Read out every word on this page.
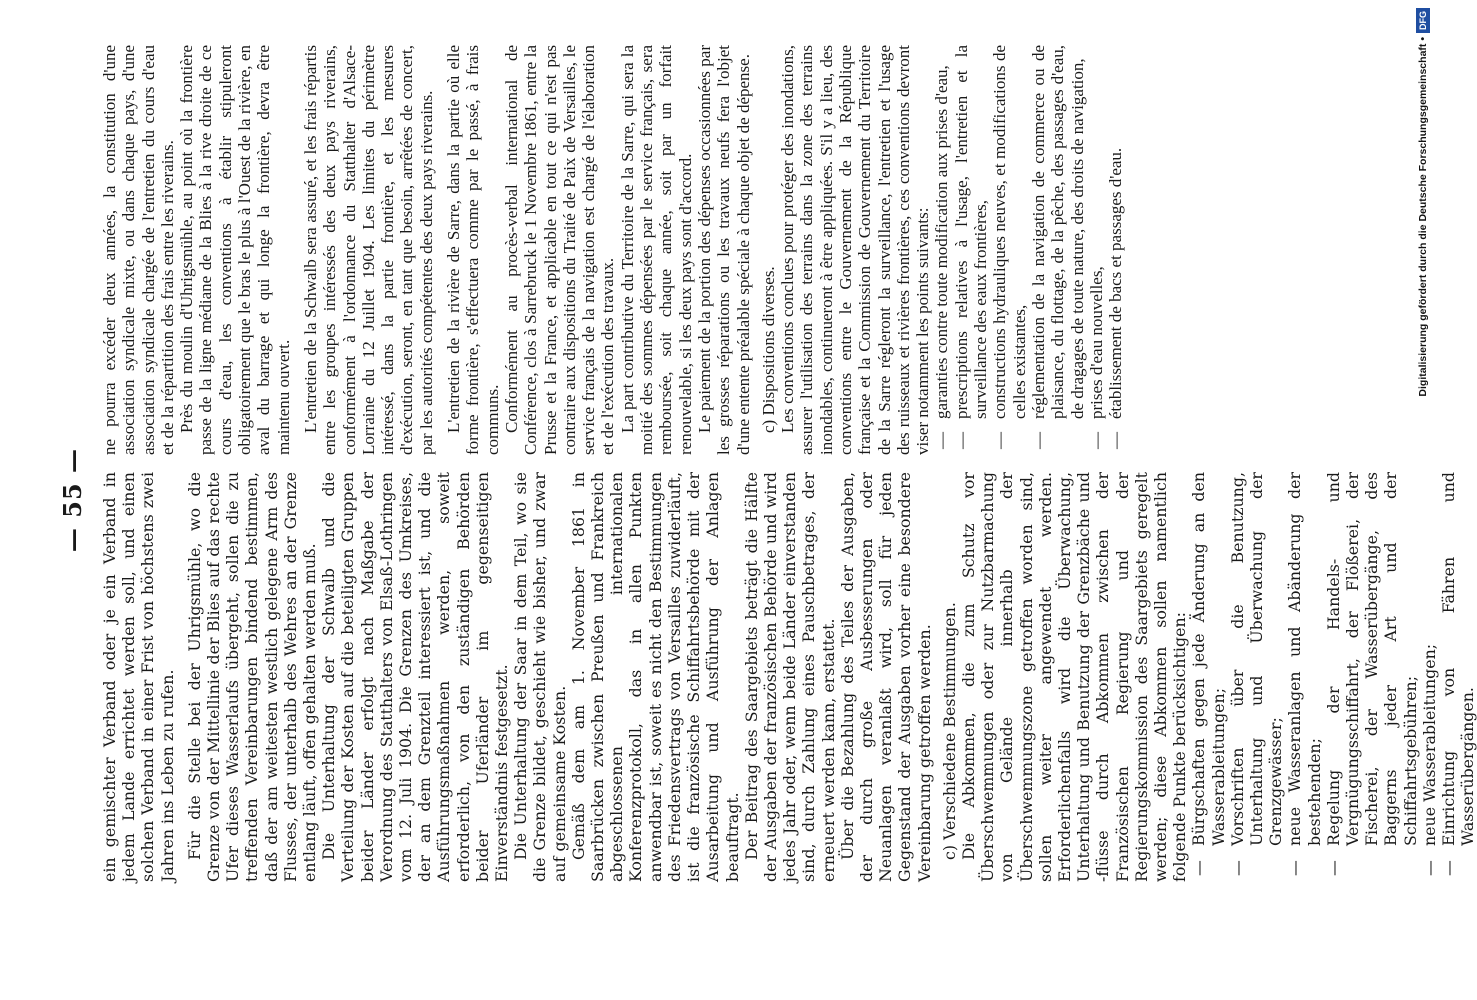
— 55 — ein gemischter Verband oder je ein Verband in jedem Lande errichtet werden soll, und einen solchen Verband in einer Frist von höchstens zwei Jahren ins Leben zu rufen. Für die Stelle bei der Uhrigsmühle, wo die Grenze von der Mittellinie der Blies auf das rechte Ufer dieses Wasserlaufs übergeht, sollen die zu treffenden Vereinbarungen bindend bestimmen, daß der am weitesten westlich gelegene Arm des Flusses, der unterhalb des Wehres an der Grenze entlang läuft, offen gehalten werden muß. Die Unterhaltung der Schwalb und die Verteilung der Kosten auf die beteiligten Gruppen beider Länder erfolgt nach Maßgabe der Verordnung des Statthalters von Elsaß-Lothringen vom 12. Juli 1904. Die Grenzen des Umkreises, der an dem Grenzteil interessiert ist, und die Ausführungsmaßnahmen werden, soweit erforderlich, von den zuständigen Behörden beider Uferländer im gegenseitigen Einverständnis festgesetzt. Die Unterhaltung der Saar in dem Teil, wo sie die Grenze bildet, geschieht wie bisher, und zwar auf gemeinsame Kosten. Gemäß dem am 1. November 1861 in Saarbrücken zwischen Preußen und Frankreich abgeschlossenen internationalen Konferenzprotokoll, das in allen Punkten anwendbar ist, soweit es nicht den Bestimmungen des Friedensvertrags von Versailles zuwiderläuft, ist die französische Schiffahrtsbehörde mit der Ausarbeitung und Ausführung der Anlagen beauftragt. Der Beitrag des Saargebiets beträgt die Hälfte der Ausgaben der französischen Behörde und wird jedes Jahr oder, wenn beide Länder einverstanden sind, durch Zahlung eines Pauschbetrages, der erneuert werden kann, erstattet. Über die Bezahlung des Teiles der Ausgaben, der durch große Ausbesserungen oder Neuanlagen veranlaßt wird, soll für jeden Gegenstand der Ausgaben vorher eine besondere Vereinbarung getroffen werden. c) Verschiedene Bestimmungen. Die Abkommen, die zum Schutz vor Überschwemmungen oder zur Nutzbarmachung von Gelände innerhalb der Überschwemmungszone getroffen worden sind, sollen weiter angewendet werden. Erforderlichenfalls wird die Überwachung, Unterhaltung und Benutzung der Grenzbäche und -flüsse durch Abkommen zwischen der Französischen Regierung und der Regierungskommission des Saargebiets geregelt werden; diese Abkommen sollen namentlich folgende Punkte berücksichtigen: —
Bürgschaften gegen jede Änderung an den Wasserableitungen;
—
Vorschriften über die Benutzung, Unterhaltung und Überwachung der Grenzgewässer;
—
neue Wasseranlagen und Abänderung der bestehenden;
—
Regelung der Handels- und Vergnügungsschiffahrt, der Flößerei, der Fischerei, der Wasserübergänge, des Baggerns jeder Art und der Schiffahrtsgebühren;
—
neue Wasserableitungen;
—
Einrichtung von Fähren und Wasserübergängen.

ne pourra excéder deux années, la constitution d'une association syndicale mixte, ou dans chaque pays, d'une association syndicale chargée de l'entretien du cours d'eau et de la répartition des frais entre les riverains. Près du moulin d'Uhrigsmühle, au point où la frontière passe de la ligne médiane de la Blies à la rive droite de ce cours d'eau, les conventions à établir stipuleront obligatoirement que le bras le plus à l'Ouest de la rivière, en aval du barrage et qui longe la frontière, devra être maintenu ouvert. L'entretien de la Schwalb sera assuré, et les frais répartis entre les groupes intéressés des deux pays riverains, conformément à l'ordonnance du Statthalter d'Alsace-Lorraine du 12 Juillet 1904. Les limites du périmètre intéressé, dans la partie frontière, et les mesures d'exécution, seront, en tant que besoin, arrêtées de concert, par les autorités compétentes des deux pays riverains. L'entretien de la rivière de Sarre, dans la partie où elle forme frontière, s'effectuera comme par le passé, à frais communs. Conformément au procès-verbal international de Conférence, clos à Sarrebruck le 1 Novembre 1861, entre la Prusse et la France, et applicable en tout ce qui n'est pas contraire aux dispositions du Traité de Paix de Versailles, le service français de la navigation est chargé de l'élaboration et de l'exécution des travaux. La part contributive du Territoire de la Sarre, qui sera la moitié des sommes dépensées par le service français, sera remboursée, soit chaque année, soit par un forfait renouvelable, si les deux pays sont d'accord. Le paiement de la portion des dépenses occasionnées par les grosses réparations ou les travaux neufs fera l'objet d'une entente préalable spéciale à chaque objet de dépense. c) Dispositions diverses. Les conventions conclues pour protéger des inondations, assurer l'utilisation des terrains dans la zone des terrains inondables, continueront à être appliquées. S'il y a lieu, des conventions entre le Gouvernement de la République française et la Commission de Gouvernement du Territoire de la Sarre régleront la surveillance, l'entretien et l'usage des ruisseaux et rivières frontières, ces conventions devront viser notamment les points suivants: —
garanties contre toute modification aux prises d'eau,
—
prescriptions relatives à l'usage, l'entretien et la surveillance des eaux frontières,
—
constructions hydrauliques neuves, et modifications de celles existantes,
—
réglementation de la navigation de commerce ou de plaisance, du flottage, de la pêche, des passages d'eau, de dragages de toute nature, des droits de navigation,
—
prises d'eau nouvelles,
—
établissement de bacs et passages d'eau.	Digitalisierung gefördert durch die Deutsche Forschungsgemeinschaft •
DFG
